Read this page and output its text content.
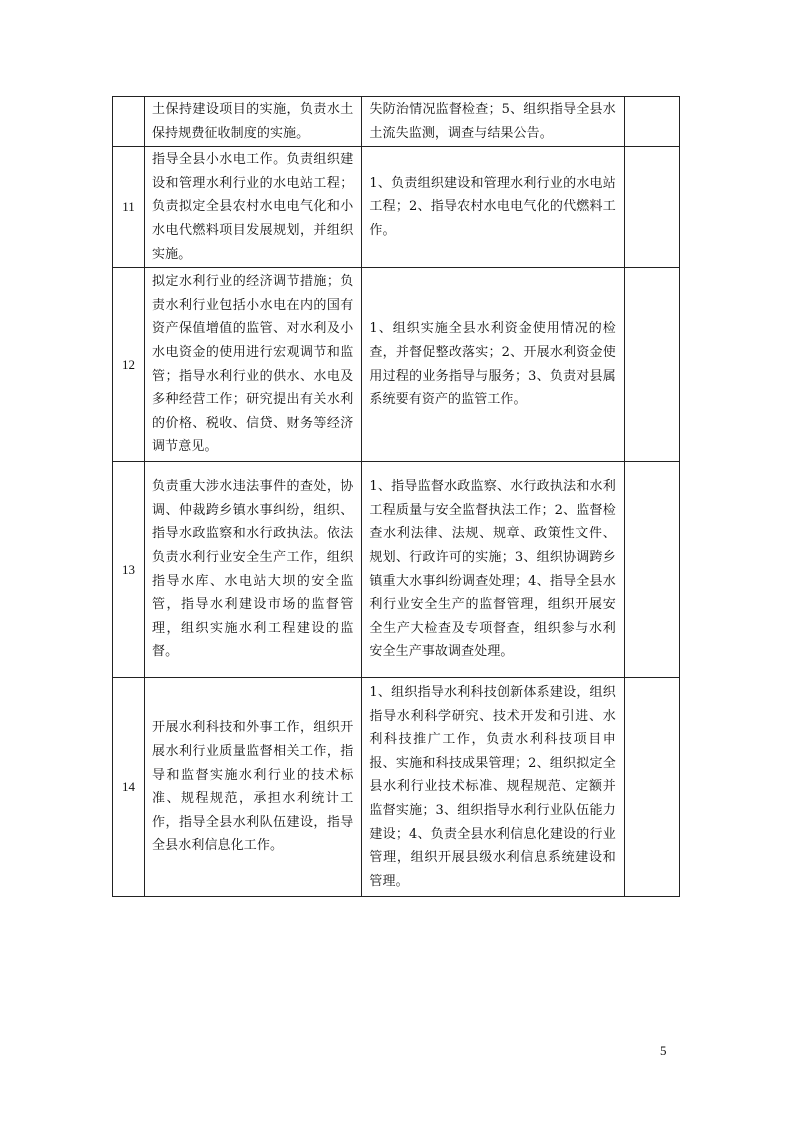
	土保持建设项目的实施，负责水土保持规费征收制度的实施。	失防治情况监督检查；5、组织指导全县水土流失监测，调查与结果公告。	

11	指导全县小水电工作。负责组织建设和管理水利行业的水电站工程；负责拟定全县农村水电电气化和小水电代燃料项目发展规划，并组织实施。	1、负责组织建设和管理水利行业的水电站工程；2、指导农村水电电气化的代燃料工作。	

12	拟定水利行业的经济调节措施；负责水利行业包括小水电在内的国有资产保值增值的监管、对水利及小水电资金的使用进行宏观调节和监管；指导水利行业的供水、水电及多种经营工作；研究提出有关水利的价格、税收、信贷、财务等经济调节意见。	1、组织实施全县水利资金使用情况的检查，并督促整改落实；2、开展水利资金使用过程的业务指导与服务；3、负责对县属系统要有资产的监管工作。	

13	负责重大涉水违法事件的查处，协调、仲裁跨乡镇水事纠纷，组织、指导水政监察和水行政执法。依法负责水利行业安全生产工作，组织指导水库、水电站大坝的安全监管，指导水利建设市场的监督管理，组织实施水利工程建设的监督。	1、指导监督水政监察、水行政执法和水利工程质量与安全监督执法工作；2、监督检查水利法律、法规、规章、政策性文件、规划、行政许可的实施；3、组织协调跨乡镇重大水事纠纷调查处理；4、指导全县水利行业安全生产的监督管理，组织开展安全生产大检查及专项督查，组织参与水利安全生产事故调查处理。	

14	开展水利科技和外事工作，组织开展水利行业质量监督相关工作，指导和监督实施水利行业的技术标准、规程规范，承担水利统计工作，指导全县水利队伍建设，指导全县水利信息化工作。	1、组织指导水利科技创新体系建设，组织指导水利科学研究、技术开发和引进、水利科技推广工作，负责水利科技项目申报、实施和科技成果管理；2、组织拟定全县水利行业技术标准、规程规范、定额并监督实施；3、组织指导水利行业队伍能力建设；4、负责全县水利信息化建设的行业管理，组织开展县级水利信息系统建设和管理。	

5
